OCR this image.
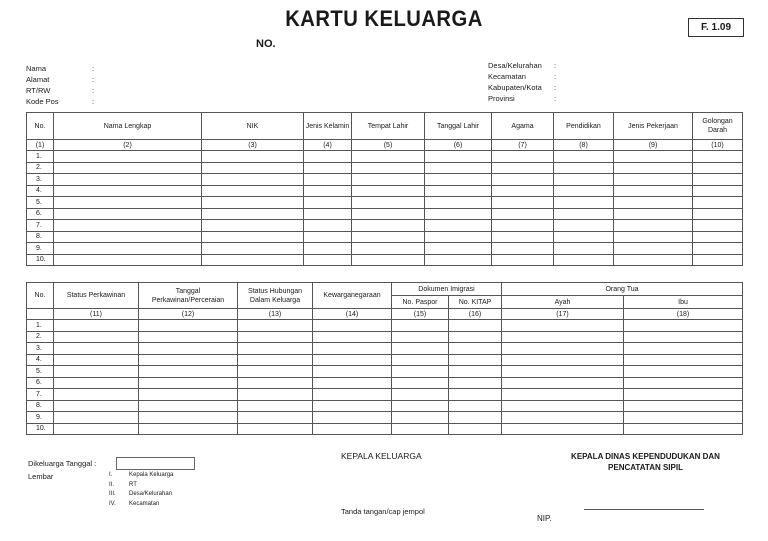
KARTU KELUARGA
NO.
F. 1.09
Nama	:
Alamat	:
RT/RW	:
Kode Pos	:
Desa/Kelurahan	:
Kecamatan	:
Kabupaten/Kota	:
Provinsi	:
No.	Nama Lengkap	NIK	Jenis Kelamin	Tempat Lahir	Tanggal Lahir	Agama	Pendidikan	Jenis Pekerjaan	Golongan Darah
(1)	(2)	(3)	(4)	(5)	(6)	(7)	(8)	(9)	(10)
1.									
2.									
3.									
4.									
5.									
6.									
7.									
8.									
9.									
10.									
No.	Status Perkawinan	Tanggal Perkawinan/Perceraian	Status Hubungan Dalam Keluarga	Kewarganegaraan	Dokumen Imigrasi		Orang Tua	
					No. Paspor	No. KITAP	Ayah	Ibu
	(11)	(12)	(13)	(14)	(15)	(16)	(17)	(18)
1.								
2.								
3.								
4.								
5.								
6.								
7.								
8.								
9.								
10.								
Dikeluarga Tanggal :
Lembar	I.	Kepala Keluarga
II.	RT
III.	Desa/Kelurahan
IV.	Kecamatan
KEPALA KELUARGA
Tanda tangan/cap jempol
KEPALA DINAS KEPENDUDUKAN DAN PENCATATAN SIPIL
NIP.
